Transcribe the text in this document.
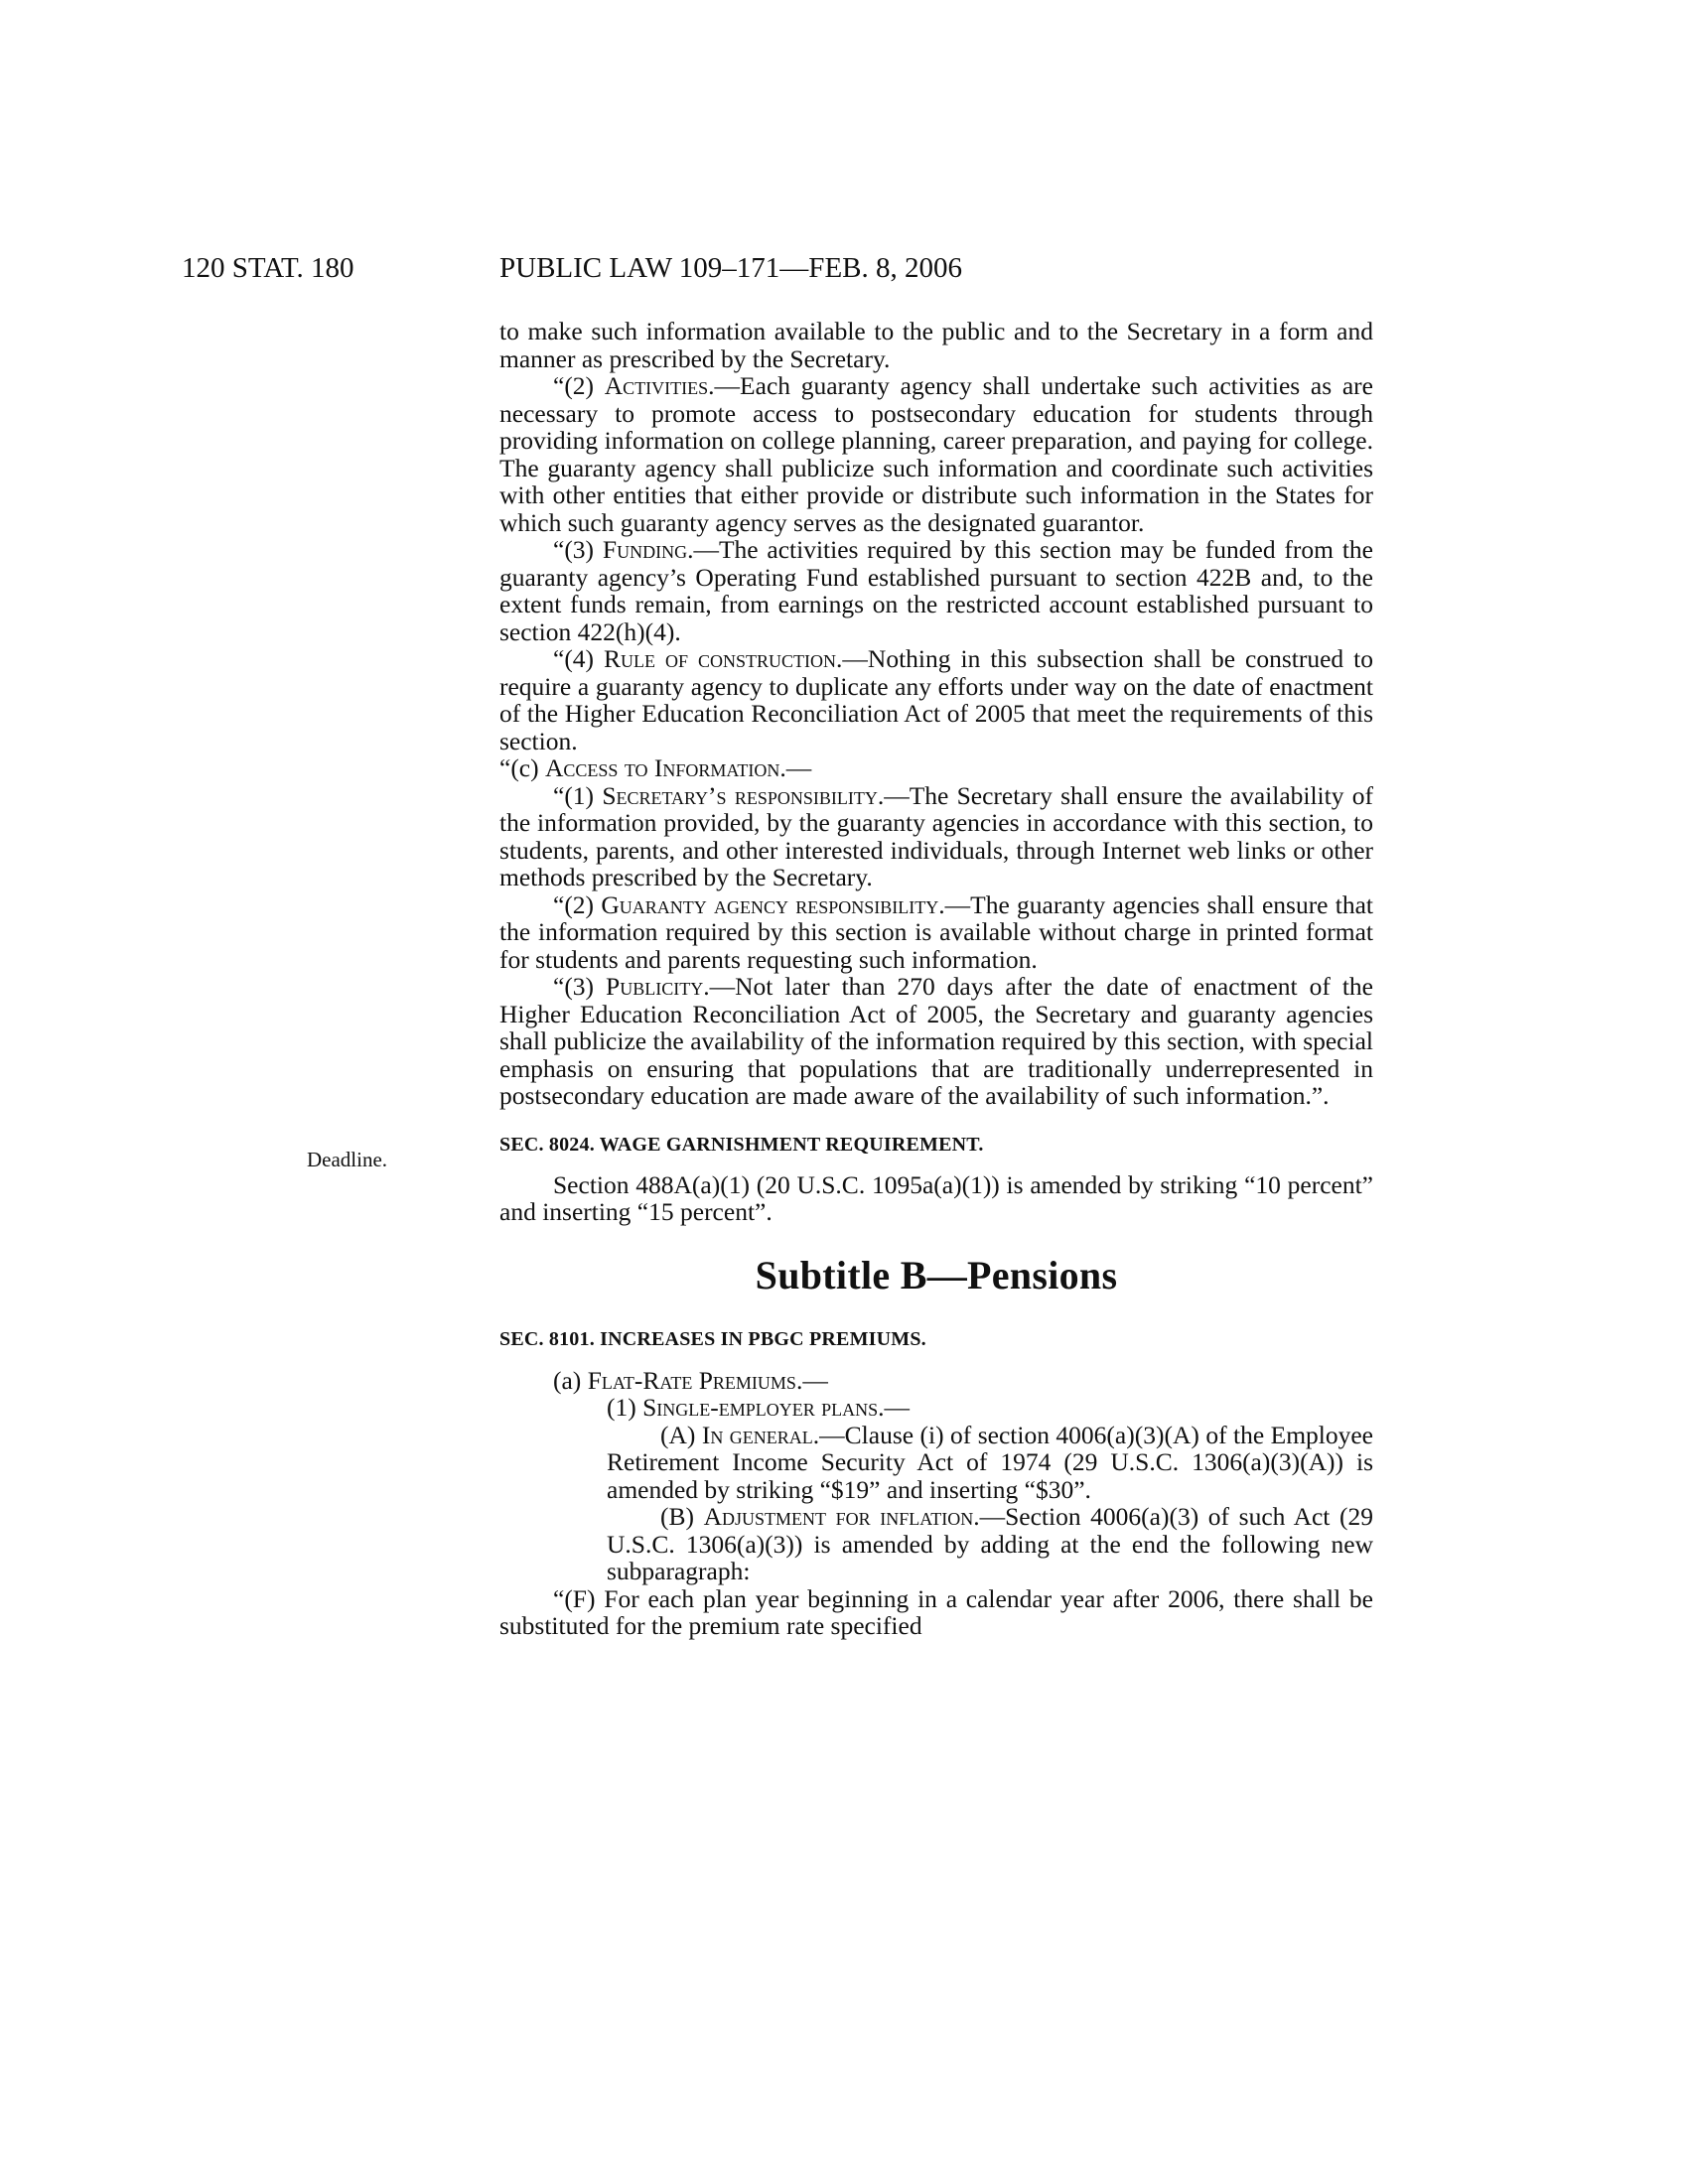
120 STAT. 180	PUBLIC LAW 109–171—FEB. 8, 2006
Deadline.

to make such information available to the public and to the Secretary in a form and manner as prescribed by the Secretary.

“(2) Activities.—Each guaranty agency shall undertake such activities as are necessary to promote access to postsecondary education for students through providing information on college planning, career preparation, and paying for college. The guaranty agency shall publicize such information and coordinate such activities with other entities that either provide or distribute such information in the States for which such guaranty agency serves as the designated guarantor.

“(3) Funding.—The activities required by this section may be funded from the guaranty agency’s Operating Fund established pursuant to section 422B and, to the extent funds remain, from earnings on the restricted account established pursuant to section 422(h)(4).

“(4) Rule of construction.—Nothing in this subsection shall be construed to require a guaranty agency to duplicate any efforts under way on the date of enactment of the Higher Education Reconciliation Act of 2005 that meet the requirements of this section.

“(c) Access to Information.—

“(1) Secretary’s responsibility.—The Secretary shall ensure the availability of the information provided, by the guaranty agencies in accordance with this section, to students, parents, and other interested individuals, through Internet web links or other methods prescribed by the Secretary.

“(2) Guaranty agency responsibility.—The guaranty agencies shall ensure that the information required by this section is available without charge in printed format for students and parents requesting such information.

“(3) Publicity.—Not later than 270 days after the date of enactment of the Higher Education Reconciliation Act of 2005, the Secretary and guaranty agencies shall publicize the availability of the information required by this section, with special emphasis on ensuring that populations that are traditionally underrepresented in postsecondary education are made aware of the availability of such information.”.

SEC. 8024. WAGE GARNISHMENT REQUIREMENT.

Section 488A(a)(1) (20 U.S.C. 1095a(a)(1)) is amended by striking “10 percent” and inserting “15 percent”.

Subtitle B—Pensions

SEC. 8101. INCREASES IN PBGC PREMIUMS.

(a) Flat-Rate Premiums.—

(1) Single-employer plans.—

(A) In general.—Clause (i) of section 4006(a)(3)(A) of the Employee Retirement Income Security Act of 1974 (29 U.S.C. 1306(a)(3)(A)) is amended by striking “$19” and inserting “$30”.

(B) Adjustment for inflation.—Section 4006(a)(3) of such Act (29 U.S.C. 1306(a)(3)) is amended by adding at the end the following new subparagraph:

“(F) For each plan year beginning in a calendar year after 2006, there shall be substituted for the premium rate specified
